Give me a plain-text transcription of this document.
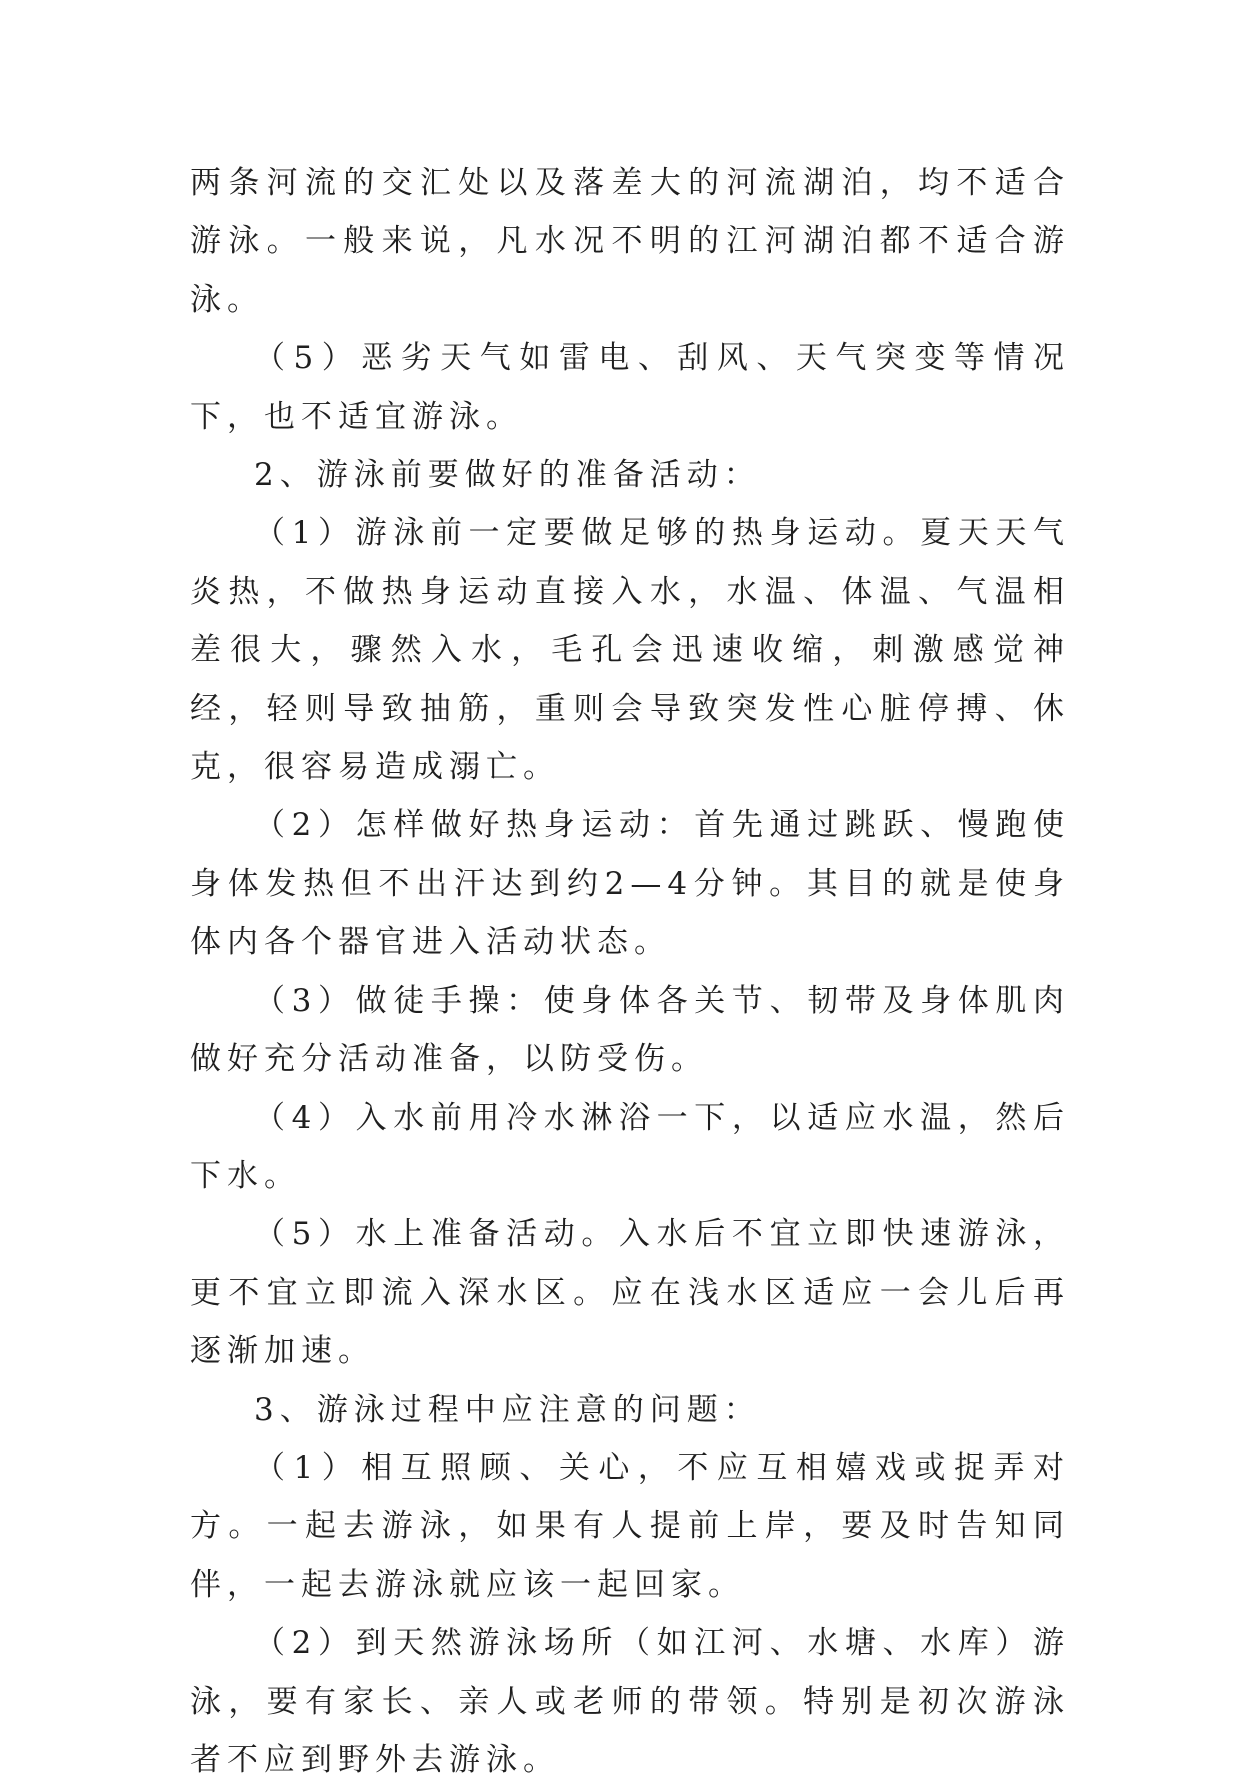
两条河流的交汇处以及落差大的河流湖泊，均不适合游泳。一般来说，凡水况不明的江河湖泊都不适合游泳。

（5）恶劣天气如雷电、刮风、天气突变等情况下，也不适宜游泳。

2、游泳前要做好的准备活动：

（1）游泳前一定要做足够的热身运动。夏天天气炎热，不做热身运动直接入水，水温、体温、气温相差很大，骤然入水，毛孔会迅速收缩，刺激感觉神经，轻则导致抽筋，重则会导致突发性心脏停搏、休克，很容易造成溺亡。

（2）怎样做好热身运动：首先通过跳跃、慢跑使身体发热但不出汗达到约2—4分钟。其目的就是使身体内各个器官进入活动状态。

（3）做徒手操：使身体各关节、韧带及身体肌肉做好充分活动准备，以防受伤。

（4）入水前用冷水淋浴一下，以适应水温，然后下水。

（5）水上准备活动。入水后不宜立即快速游泳，更不宜立即流入深水区。应在浅水区适应一会儿后再逐渐加速。

3、游泳过程中应注意的问题：

（1）相互照顾、关心，不应互相嬉戏或捉弄对方。一起去游泳，如果有人提前上岸，要及时告知同伴，一起去游泳就应该一起回家。

（2）到天然游泳场所（如江河、水塘、水库）游泳，要有家长、亲人或老师的带领。特别是初次游泳者不应到野外去游泳。
